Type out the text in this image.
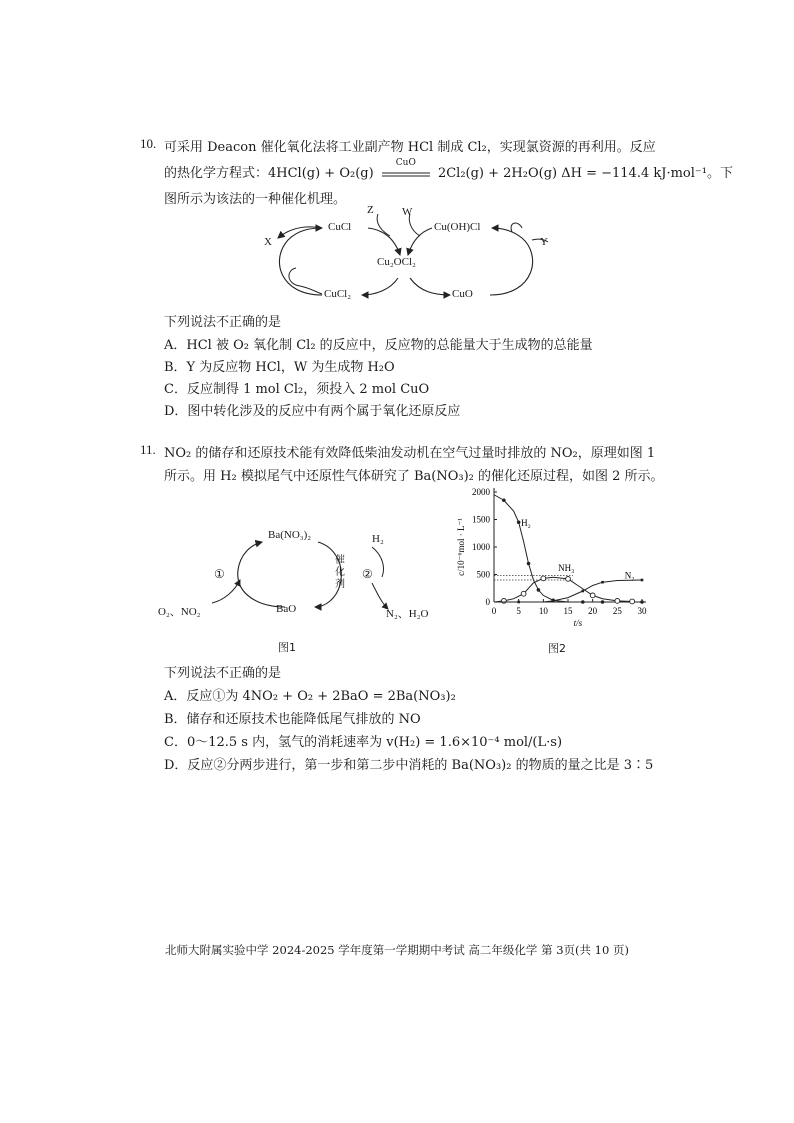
10. 可采用 Deacon 催化氧化法将工业副产物 HCl 制成 Cl₂，实现氯资源的再利用。反应
的热化学方程式：4HCl(g) + O₂(g)
CuO
2Cl₂(g) + 2H₂O(g) ΔH = −114.4 kJ·mol⁻¹。下
图所示为该法的一种催化机理。
X
CuCl
Z	W
Cu(OH)Cl
Y
Cu₂OCl₂
CuCl₂	CuO
下列说法不正确的是
A．HCl 被 O₂ 氧化制 Cl₂ 的反应中，反应物的总能量大于生成物的总能量
B．Y 为反应物 HCl，W 为生成物 H₂O
C．反应制得 1 mol Cl₂，须投入 2 mol CuO
D．图中转化涉及的反应中有两个属于氧化还原反应
11. NO₂ 的储存和还原技术能有效降低柴油发动机在空气过量时排放的 NO₂，原理如图 1
所示。用 H₂ 模拟尾气中还原性气体研究了 Ba(NO₃)₂ 的催化还原过程，如图 2 所示。
Ba(NO₃)₂	H₂
①
催化剂
②
O₂、NO₂	BaO	N₂、H₂O
图1
0 5 10 15 20 25 30
0
500
1000
1500
2000
t/s
c/10⁻⁶mol · L⁻¹	H₂
NH₃
N₂
图2
下列说法不正确的是
A．反应①为 4NO₂ + O₂ + 2BaO = 2Ba(NO₃)₂
B．储存和还原技术也能降低尾气排放的 NO
C．0～12.5 s 内，氢气的消耗速率为 v(H₂) = 1.6×10⁻⁴ mol/(L·s)
D．反应②分两步进行，第一步和第二步中消耗的 Ba(NO₃)₂ 的物质的量之比是 3∶5
北师大附属实验中学 2024-2025 学年度第一学期期中考试 高二年级化学 第 3页(共 10 页)
